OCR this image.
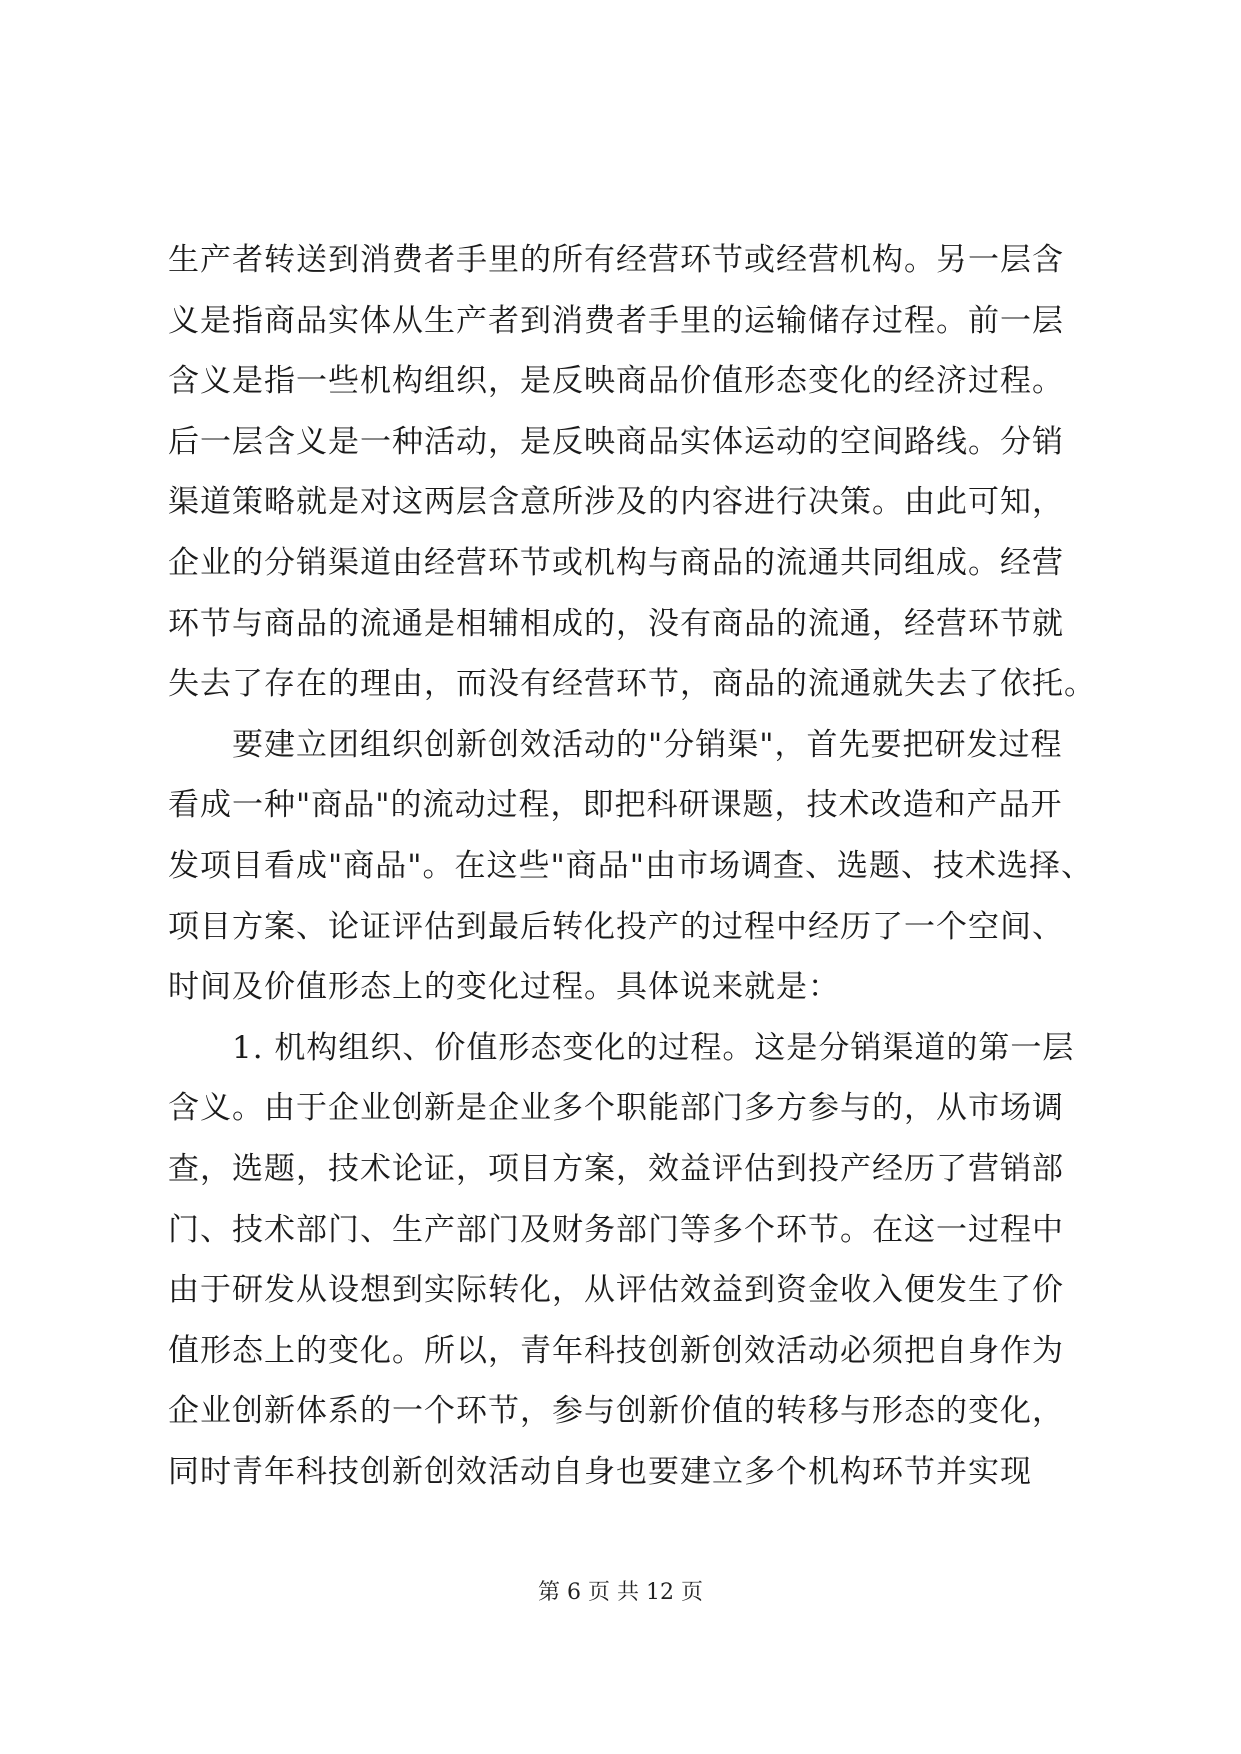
生产者转送到消费者手里的所有经营环节或经营机构。另一层含
义是指商品实体从生产者到消费者手里的运输储存过程。前一层
含义是指一些机构组织，是反映商品价值形态变化的经济过程。
后一层含义是一种活动，是反映商品实体运动的空间路线。分销
渠道策略就是对这两层含意所涉及的内容进行决策。由此可知，
企业的分销渠道由经营环节或机构与商品的流通共同组成。经营
环节与商品的流通是相辅相成的，没有商品的流通，经营环节就
失去了存在的理由，而没有经营环节，商品的流通就失去了依托。
要建立团组织创新创效活动的"分销渠"，首先要把研发过程
看成一种"商品"的流动过程，即把科研课题，技术改造和产品开
发项目看成"商品"。在这些"商品"由市场调查、选题、技术选择、
项目方案、论证评估到最后转化投产的过程中经历了一个空间、
时间及价值形态上的变化过程。具体说来就是：
1. 机构组织、价值形态变化的过程。这是分销渠道的第一层
含义。由于企业创新是企业多个职能部门多方参与的，从市场调
查，选题，技术论证，项目方案，效益评估到投产经历了营销部
门、技术部门、生产部门及财务部门等多个环节。在这一过程中
由于研发从设想到实际转化，从评估效益到资金收入便发生了价
值形态上的变化。所以，青年科技创新创效活动必须把自身作为
企业创新体系的一个环节，参与创新价值的转移与形态的变化，
同时青年科技创新创效活动自身也要建立多个机构环节并实现
第 6 页 共 12 页
